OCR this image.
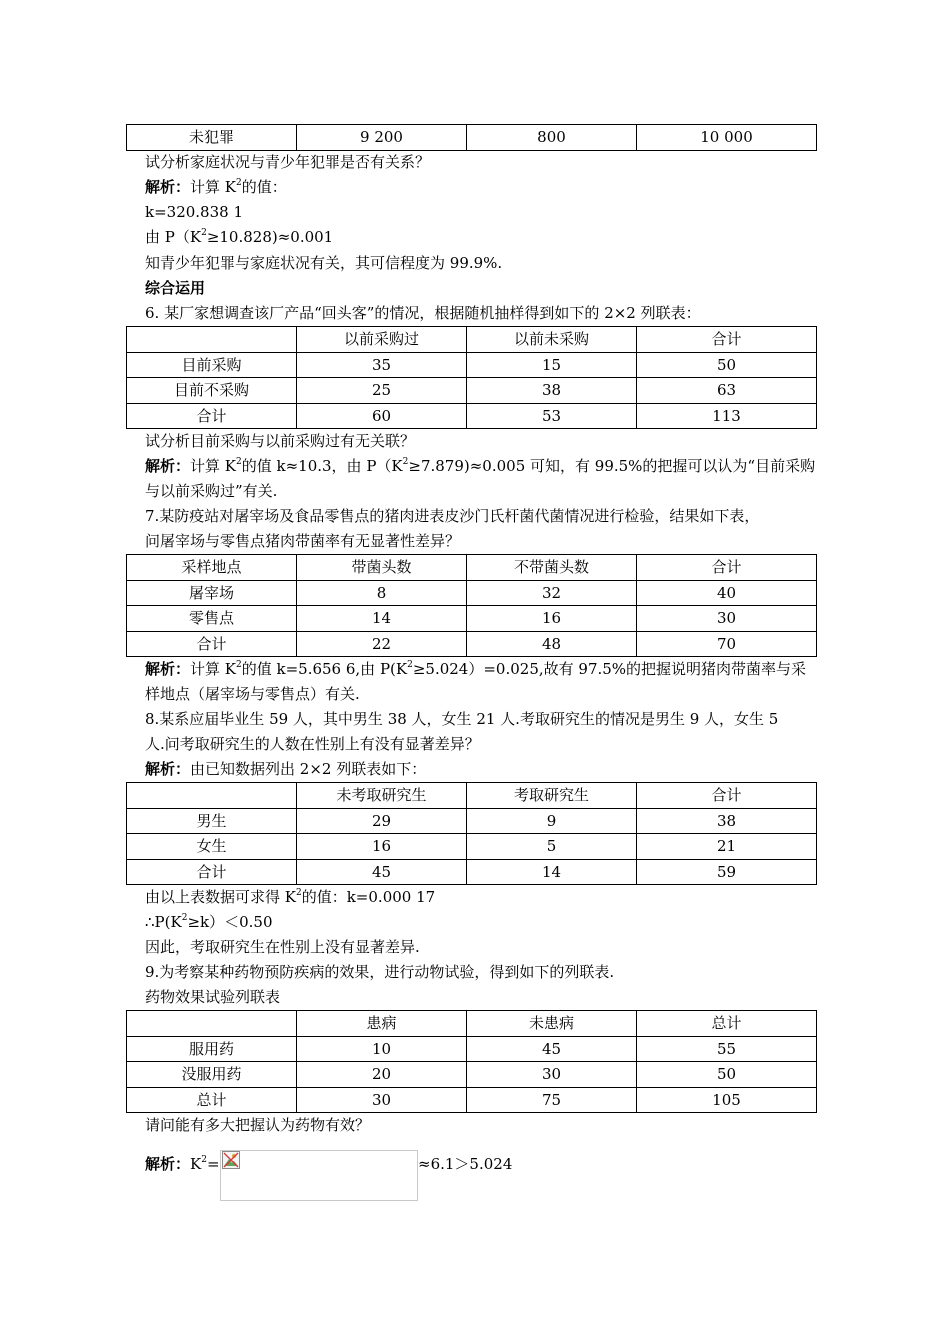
未犯罪	9 200	800	10 000
试分析家庭状况与青少年犯罪是否有关系？
解析：计算 $K^2$的值：
k=320.838 1
由 $P(K^2\ge 10.828)\approx 0.001$
知青少年犯罪与家庭状况有关，其可信程度为 99.9%.
综合运用
6. 某厂家想调查该厂产品“回头客”的情况，根据随机抽样得到如下的 2×2 列联表：
试分析目前采购与以前采购过有无关联？
解析：计算 $K^2$的值 k≈10.3，由 $P(K^2\ge 7.879)\approx 0.005$ 可知，有 99.5%的把握可以认为“目前采购
与以前采购过”有关.
7.某防疫站对屠宰场及食品零售点的猪肉进表皮沙门氏杆菌代菌情况进行检验，结果如下表，
问屠宰场与零售点猪肉带菌率有无显著性差异？
解析：计算 $K^2$的值 k=5.656 6,由 $P(K^2\ge 5.024)=0.025$,故有 97.5%的把握说明猪肉带菌率与采
样地点（屠宰场与零售点）有关.
8.某系应届毕业生 59 人，其中男生 38 人，女生 21 人.考取研究生的情况是男生 9 人，女生 5
人.问考取研究生的人数在性别上有没有显著差异？
解析：由已知数据列出 2×2 列联表如下：
由以上表数据可求得 $K^2$的值：k=0.000 17
$\therefore P(K^2\ge k)<0.50$
因此，考取研究生在性别上没有显著差异.
9.为考察某种药物预防疾病的效果，进行动物试验，得到如下的列联表.
药物效果试验列联表
请问能有多大把握认为药物有效？
解析：$K^2=$	≈6.1＞5.024
	以前采购过	以前未采购	合计
目前采购	35	15	50
目前不采购	25	38	63
合计	60	53	113
采样地点	带菌头数	不带菌头数	合计
屠宰场	8	32	40
零售点	14	16	30
合计	22	48	70
	未考取研究生	考取研究生	合计
男生	29	9	38
女生	16	5	21
合计	45	14	59
	患病	未患病	总计
服用药	10	45	55
没服用药	20	30	50
总计	30	75	105
